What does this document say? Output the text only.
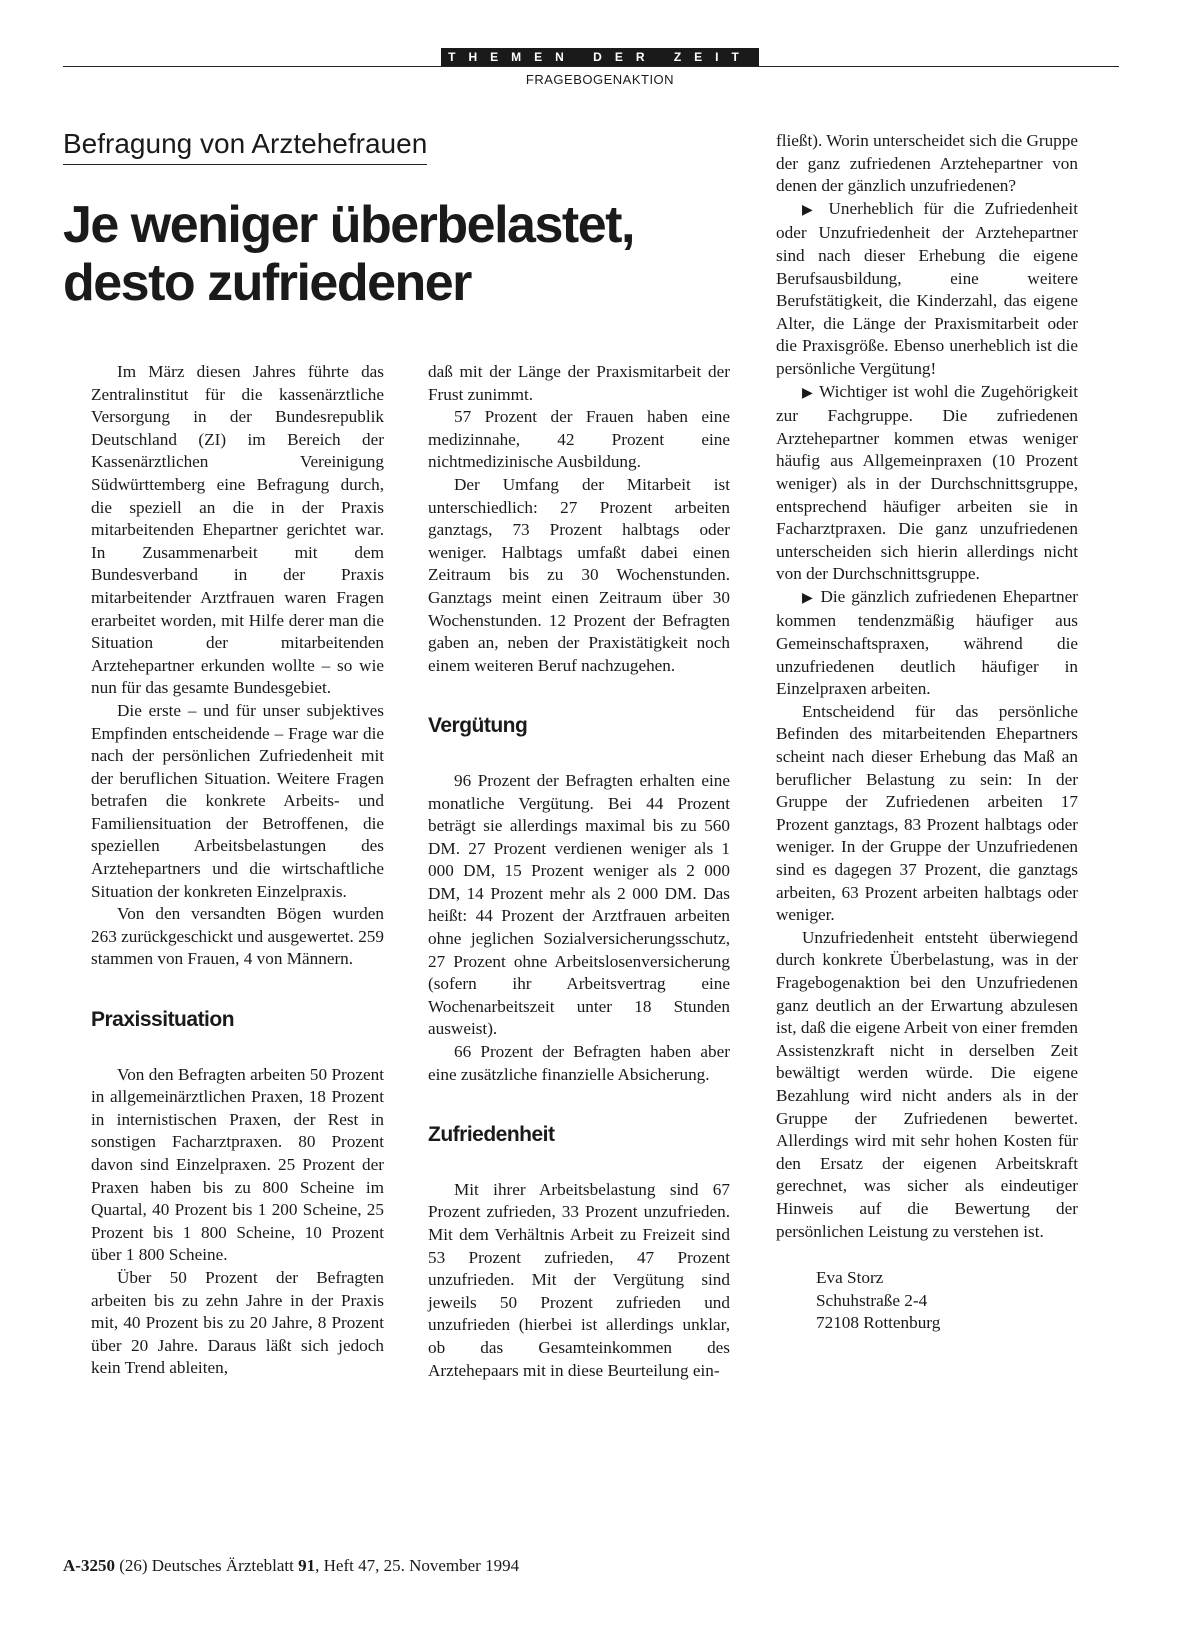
THEMEN DER ZEIT
FRAGEBOGENAKTION
Befragung von Arztehefrauen
Je weniger überbelastet,
desto zufriedener

Im März diesen Jahres führte das Zentralinstitut für die kassenärztliche Versorgung in der Bundesrepublik Deutschland (ZI) im Bereich der Kassenärztlichen Vereinigung Südwürttemberg eine Befragung durch, die speziell an die in der Praxis mitarbeitenden Ehepartner gerichtet war. In Zusammenarbeit mit dem Bundesverband in der Praxis mitarbeitender Arztfrauen waren Fragen erarbeitet worden, mit Hilfe derer man die Situation der mitarbeitenden Arztehepartner erkunden wollte – so wie nun für das gesamte Bundesgebiet.

Die erste – und für unser subjektives Empfinden entscheidende – Frage war die nach der persönlichen Zufriedenheit mit der beruflichen Situation. Weitere Fragen betrafen die konkrete Arbeits- und Familiensituation der Betroffenen, die speziellen Arbeitsbelastungen des Arztehepartners und die wirtschaftliche Situation der konkreten Einzelpraxis.

Von den versandten Bögen wurden 263 zurückgeschickt und ausgewertet. 259 stammen von Frauen, 4 von Männern.

Praxissituation

Von den Befragten arbeiten 50 Prozent in allgemeinärztlichen Praxen, 18 Prozent in internistischen Praxen, der Rest in sonstigen Facharztpraxen. 80 Prozent davon sind Einzelpraxen. 25 Prozent der Praxen haben bis zu 800 Scheine im Quartal, 40 Prozent bis 1 200 Scheine, 25 Prozent bis 1 800 Scheine, 10 Prozent über 1 800 Scheine.

Über 50 Prozent der Befragten arbeiten bis zu zehn Jahre in der Praxis mit, 40 Prozent bis zu 20 Jahre, 8 Prozent über 20 Jahre. Daraus läßt sich jedoch kein Trend ableiten,

daß mit der Länge der Praxismitarbeit der Frust zunimmt.

57 Prozent der Frauen haben eine medizinnahe, 42 Prozent eine nichtmedizinische Ausbildung.

Der Umfang der Mitarbeit ist unterschiedlich: 27 Prozent arbeiten ganztags, 73 Prozent halbtags oder weniger. Halbtags umfaßt dabei einen Zeitraum bis zu 30 Wochenstunden. Ganztags meint einen Zeitraum über 30 Wochenstunden. 12 Prozent der Befragten gaben an, neben der Praxistätigkeit noch einem weiteren Beruf nachzugehen.

Vergütung

96 Prozent der Befragten erhalten eine monatliche Vergütung. Bei 44 Prozent beträgt sie allerdings maximal bis zu 560 DM. 27 Prozent verdienen weniger als 1 000 DM, 15 Prozent weniger als 2 000 DM, 14 Prozent mehr als 2 000 DM. Das heißt: 44 Prozent der Arztfrauen arbeiten ohne jeglichen Sozialversicherungsschutz, 27 Prozent ohne Arbeitslosenversicherung (sofern ihr Arbeitsvertrag eine Wochenarbeitszeit unter 18 Stunden ausweist).

66 Prozent der Befragten haben aber eine zusätzliche finanzielle Absicherung.

Zufriedenheit

Mit ihrer Arbeitsbelastung sind 67 Prozent zufrieden, 33 Prozent unzufrieden. Mit dem Verhältnis Arbeit zu Freizeit sind 53 Prozent zufrieden, 47 Prozent unzufrieden. Mit der Vergütung sind jeweils 50 Prozent zufrieden und unzufrieden (hierbei ist allerdings unklar, ob das Gesamteinkommen des Arztehepaars mit in diese Beurteilung ein-

fließt). Worin unterscheidet sich die Gruppe der ganz zufriedenen Arztehepartner von denen der gänzlich unzufriedenen?

▶ Unerheblich für die Zufriedenheit oder Unzufriedenheit der Arztehepartner sind nach dieser Erhebung die eigene Berufsausbildung, eine weitere Berufstätigkeit, die Kinderzahl, das eigene Alter, die Länge der Praxismitarbeit oder die Praxisgröße. Ebenso unerheblich ist die persönliche Vergütung!

▶ Wichtiger ist wohl die Zugehörigkeit zur Fachgruppe. Die zufriedenen Arztehepartner kommen etwas weniger häufig aus Allgemeinpraxen (10 Prozent weniger) als in der Durchschnittsgruppe, entsprechend häufiger arbeiten sie in Facharztpraxen. Die ganz unzufriedenen unterscheiden sich hierin allerdings nicht von der Durchschnittsgruppe.

▶ Die gänzlich zufriedenen Ehepartner kommen tendenzmäßig häufiger aus Gemeinschaftspraxen, während die unzufriedenen deutlich häufiger in Einzelpraxen arbeiten.

Entscheidend für das persönliche Befinden des mitarbeitenden Ehepartners scheint nach dieser Erhebung das Maß an beruflicher Belastung zu sein: In der Gruppe der Zufriedenen arbeiten 17 Prozent ganztags, 83 Prozent halbtags oder weniger. In der Gruppe der Unzufriedenen sind es dagegen 37 Prozent, die ganztags arbeiten, 63 Prozent arbeiten halbtags oder weniger.

Unzufriedenheit entsteht überwiegend durch konkrete Überbelastung, was in der Fragebogenaktion bei den Unzufriedenen ganz deutlich an der Erwartung abzulesen ist, daß die eigene Arbeit von einer fremden Assistenzkraft nicht in derselben Zeit bewältigt werden würde. Die eigene Bezahlung wird nicht anders als in der Gruppe der Zufriedenen bewertet. Allerdings wird mit sehr hohen Kosten für den Ersatz der eigenen Arbeitskraft gerechnet, was sicher als eindeutiger Hinweis auf die Bewertung der persönlichen Leistung zu verstehen ist.

Eva Storz
Schuhstraße 2-4
72108 Rottenburg
A-3250 (26) Deutsches Ärzteblatt 91, Heft 47, 25. November 1994
